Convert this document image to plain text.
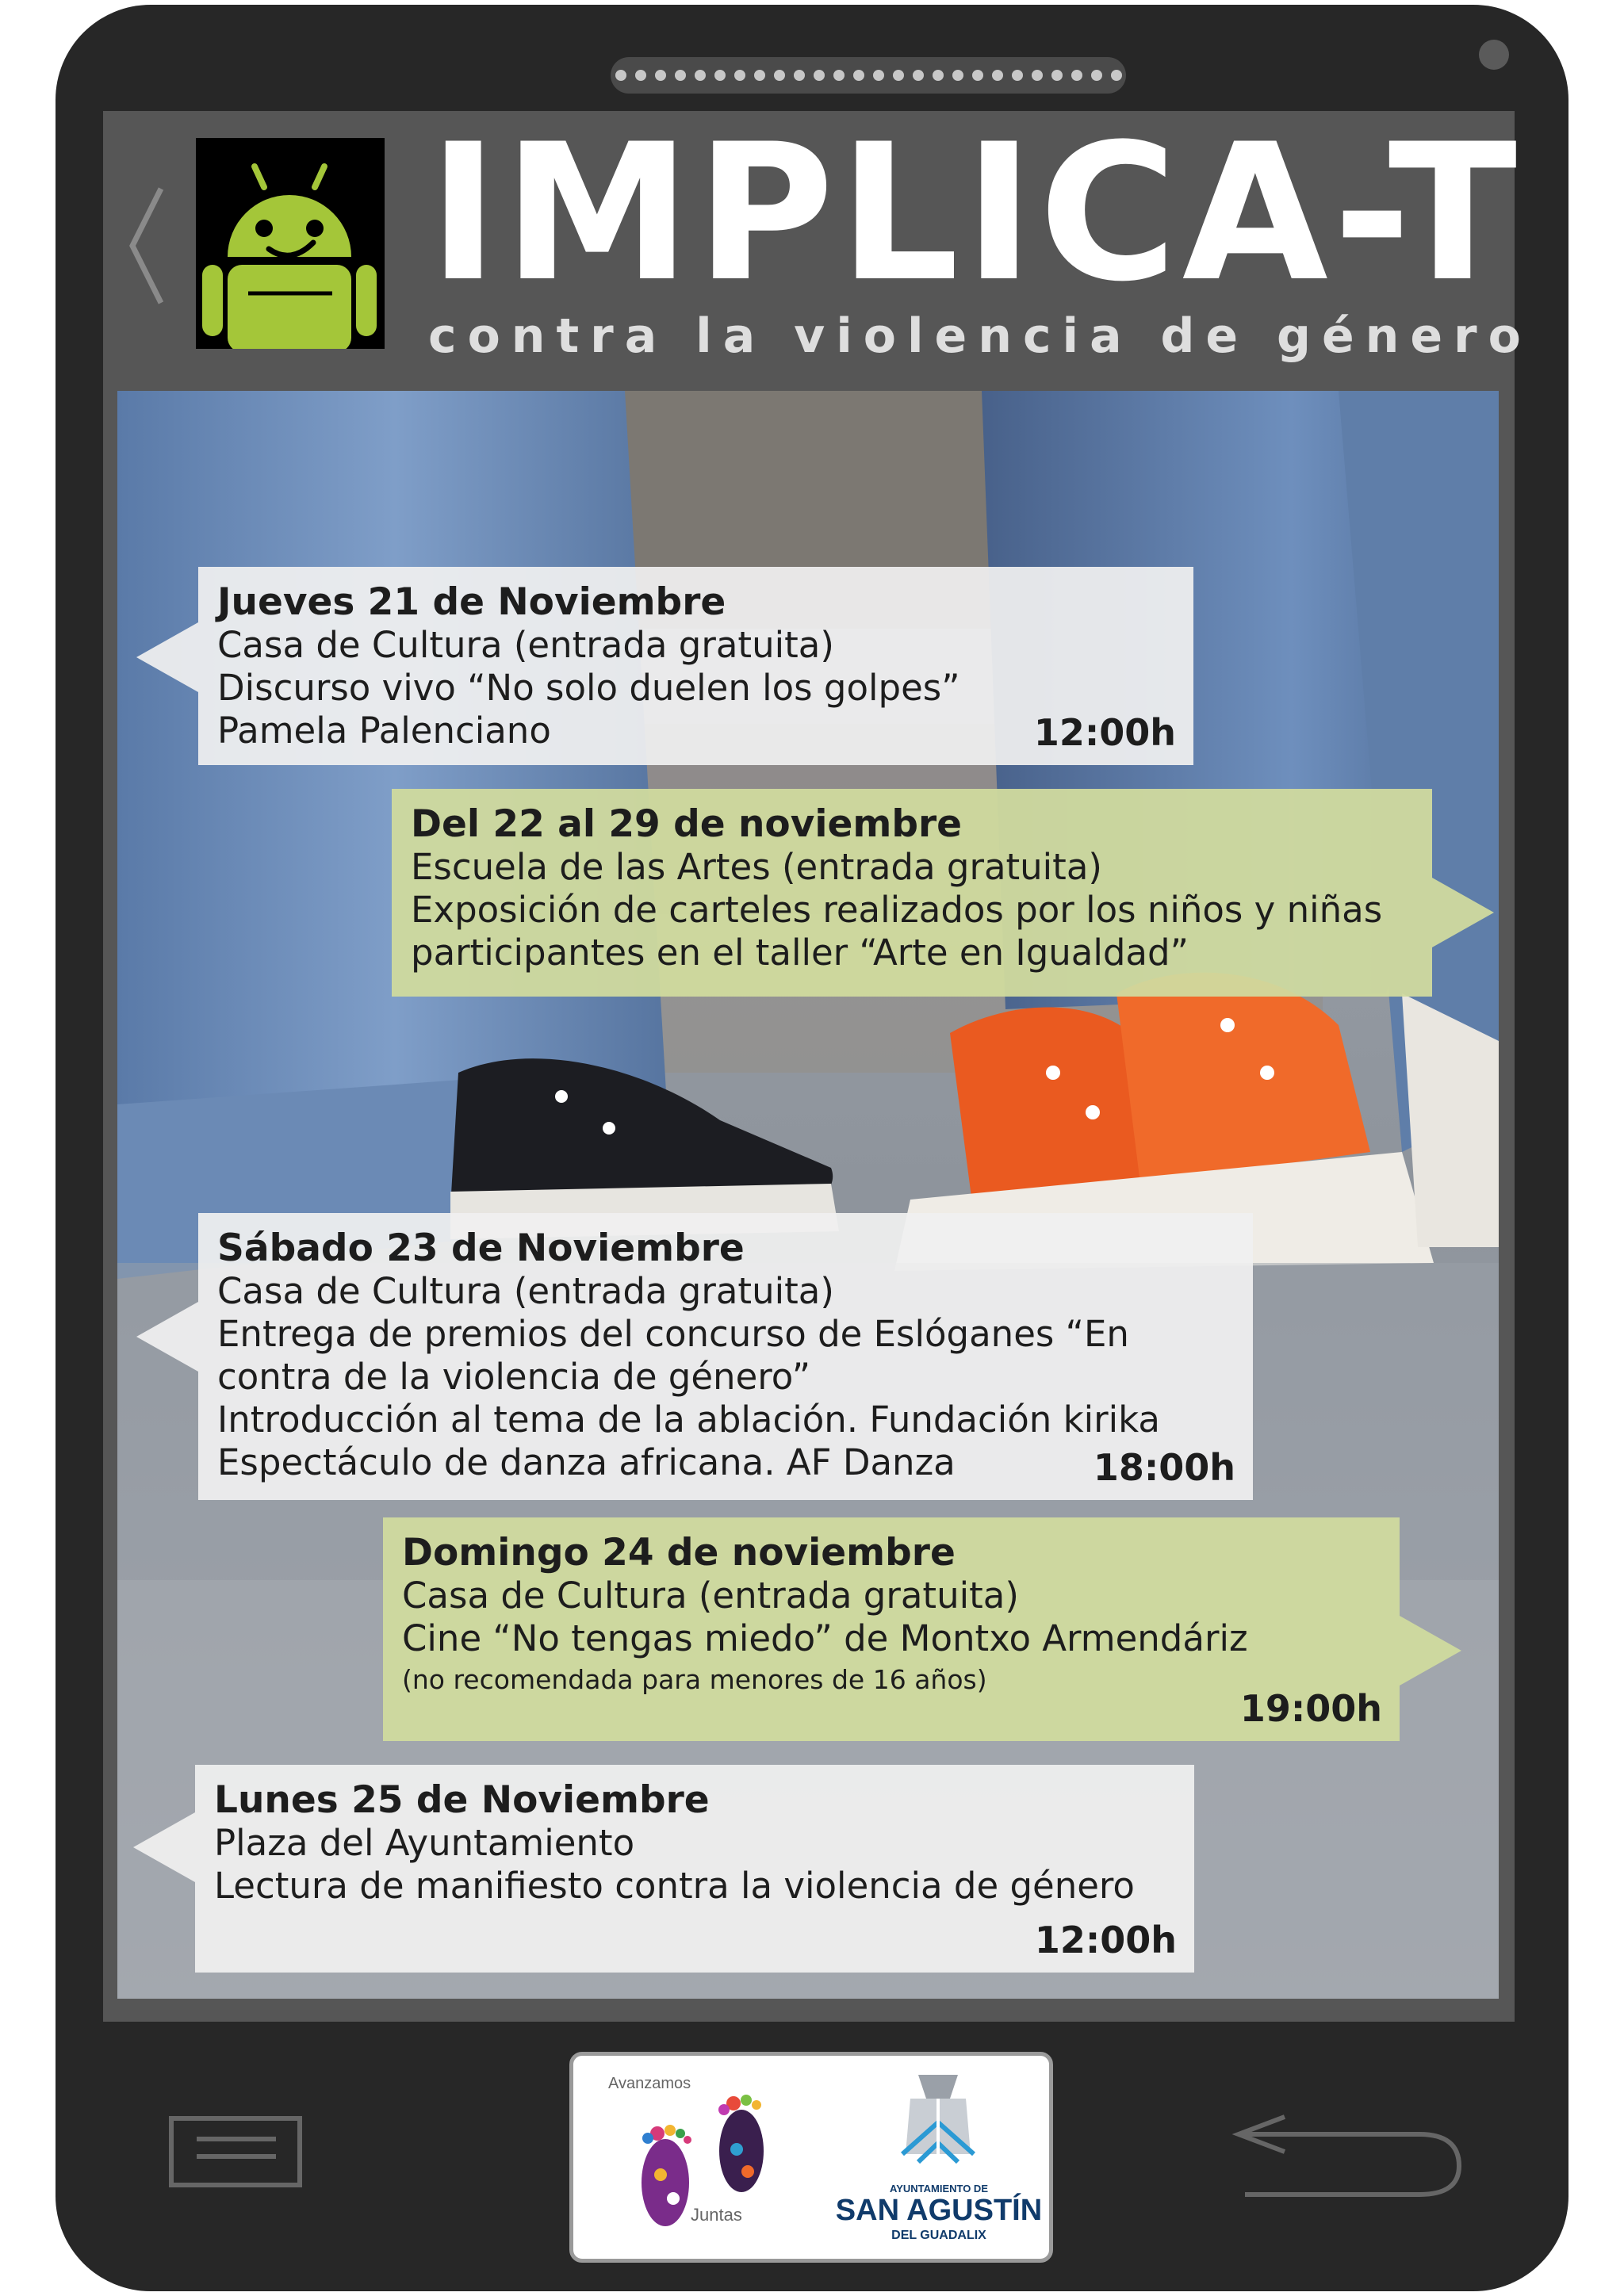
IMPLICA-T
contra la violencia de género
Jueves 21 de Noviembre
Casa de Cultura (entrada gratuita)
Discurso vivo “No solo duelen los golpes”
Pamela Palenciano	12:00h
Del 22 al 29 de noviembre
Escuela de las Artes (entrada gratuita)
Exposición de carteles realizados por los niños y niñas
participantes en el taller “Arte en Igualdad”
Sábado 23 de Noviembre
Casa de Cultura (entrada gratuita)
Entrega de premios del concurso de Eslóganes “En
contra de la violencia de género”
Introducción al tema de la ablación. Fundación kirika
Espectáculo de danza africana. AF Danza	18:00h
Domingo 24 de noviembre
Casa de Cultura (entrada gratuita)
Cine “No tengas miedo” de Montxo Armendáriz
(no recomendada para menores de 16 años)
19:00h
Lunes 25 de Noviembre
Plaza del Ayuntamiento
Lectura de manifiesto contra la violencia de género
12:00h
Avanzamos
Juntas
AYUNTAMIENTO DE
SAN AGUSTÍN
DEL GUADALIX
